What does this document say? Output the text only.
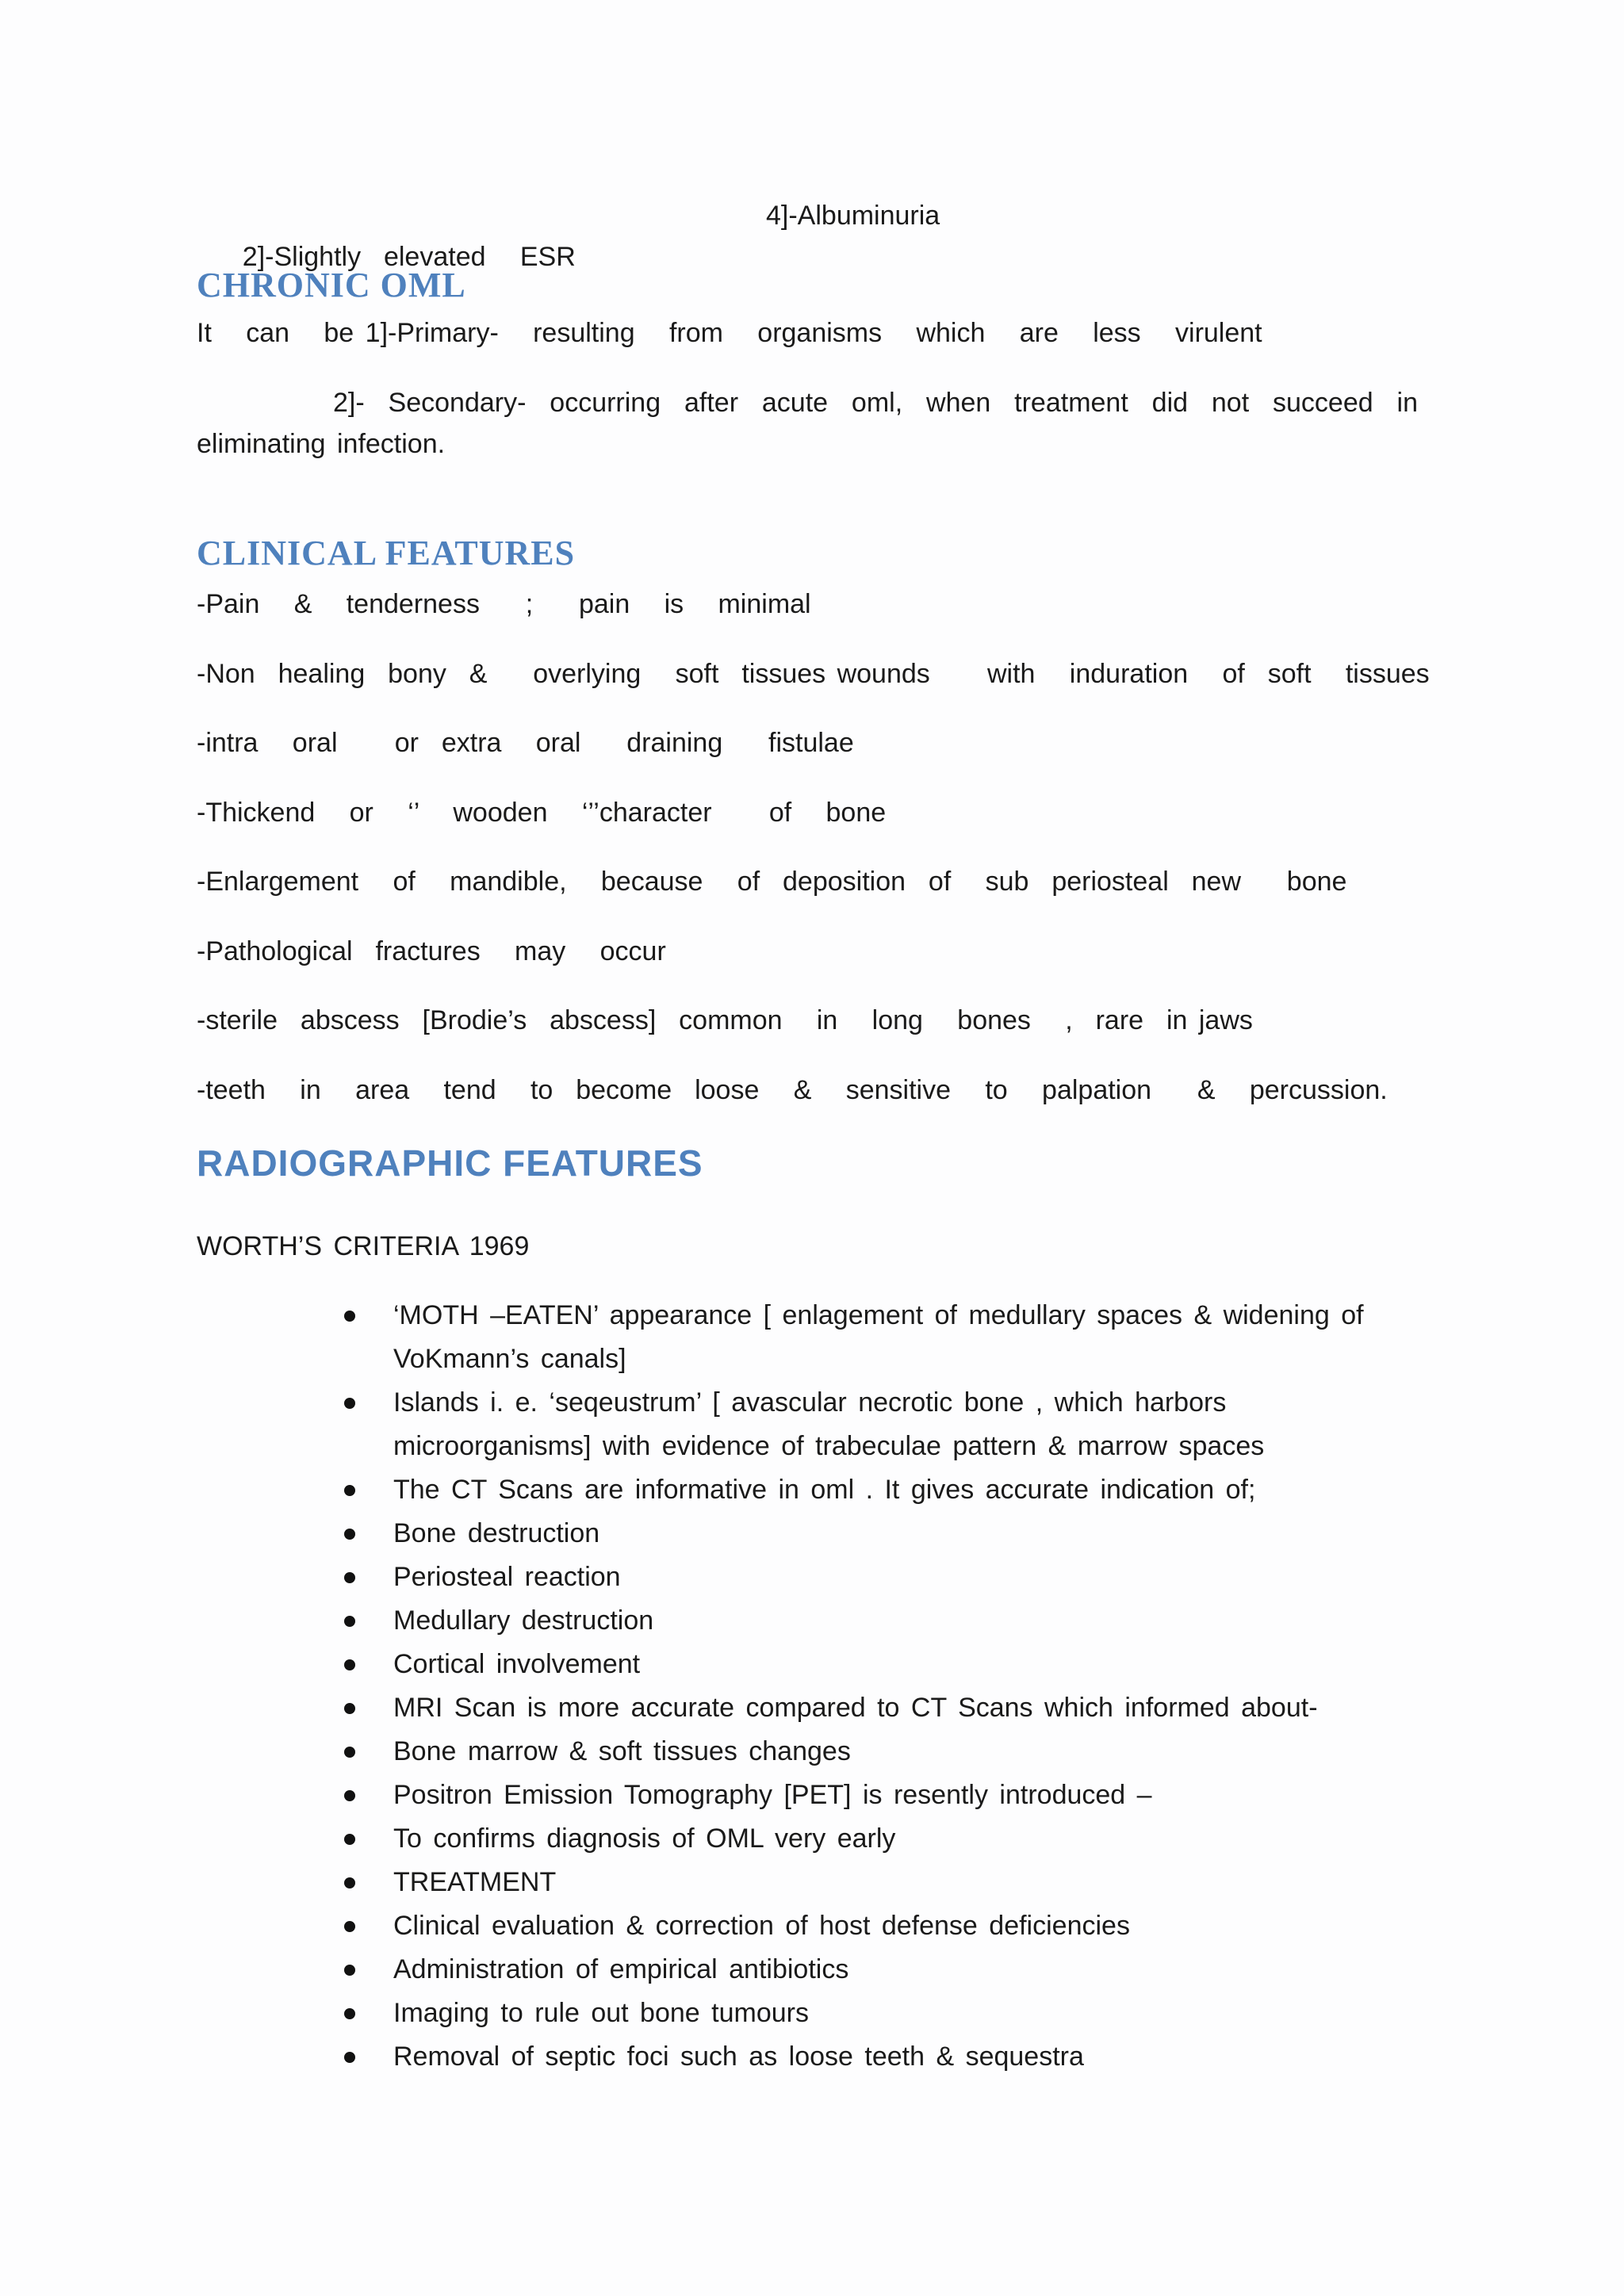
2]-Slightly  elevated   ESR

4]-Albuminuria
CHRONIC OML
It   can   be 1]-Primary-   resulting   from   organisms   which   are   less   virulent
2]- Secondary- occurring after acute oml, when treatment did not succeed in eliminating infection.
CLINICAL FEATURES
-Pain   &   tenderness    ;    pain   is   minimal
-Non  healing  bony  &    overlying   soft  tissues wounds     with   induration   of  soft   tissues
-intra   oral     or  extra   oral    draining    fistulae
-Thickend   or   ‘’   wooden   ‘’’character     of   bone
-Enlargement   of   mandible,   because   of  deposition  of   sub  periosteal  new    bone
-Pathological  fractures   may   occur
-sterile  abscess  [Brodie’s  abscess]  common   in   long   bones   ,  rare  in jaws
-teeth   in   area   tend   to  become  loose   &   sensitive   to   palpation    &   percussion.
RADIOGRAPHIC FEATURES
WORTH’S CRITERIA 1969
‘MOTH –EATEN’ appearance [ enlagement of medullary spaces & widening of VoKmann’s canals]
Islands i. e. ‘seqeustrum’ [ avascular necrotic bone , which harbors microorganisms] with evidence of trabeculae pattern & marrow spaces
The CT Scans are informative in oml . It gives accurate indication of;
Bone destruction
Periosteal reaction
Medullary destruction
Cortical involvement
MRI Scan is more accurate compared to CT Scans which informed about-
Bone marrow & soft tissues changes
Positron Emission Tomography [PET] is resently introduced –
To confirms diagnosis of OML very early
TREATMENT
Clinical evaluation & correction of host defense deficiencies
Administration of empirical antibiotics
Imaging to rule out bone tumours
Removal of septic foci such as loose teeth & sequestra
